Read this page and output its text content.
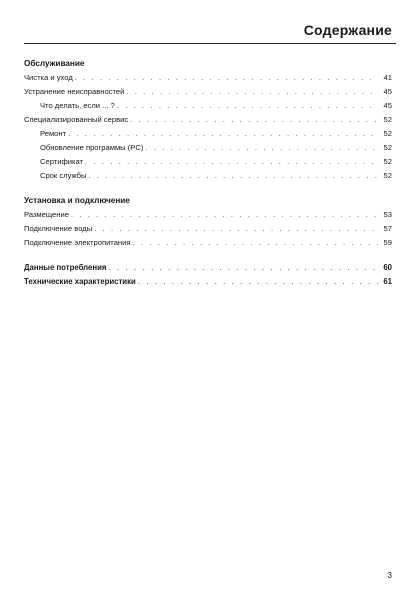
Содержание
Обслуживание
Чистка и уход . . .	41
Устранение неисправностей . . .	45
Что делать, если ... ? . . .	45
Специализированный сервис . . .	52
Ремонт . . .	52
Обновление программы (PC) . . .	52
Сертификат . . .	52
Срок службы . . .	52
Установка и подключение
Размещение . . .	53
Подключение воды . . .	57
Подключение электропитания . . .	59
Данные потребления . . .	60
Технические характеристики . . .	61
3
